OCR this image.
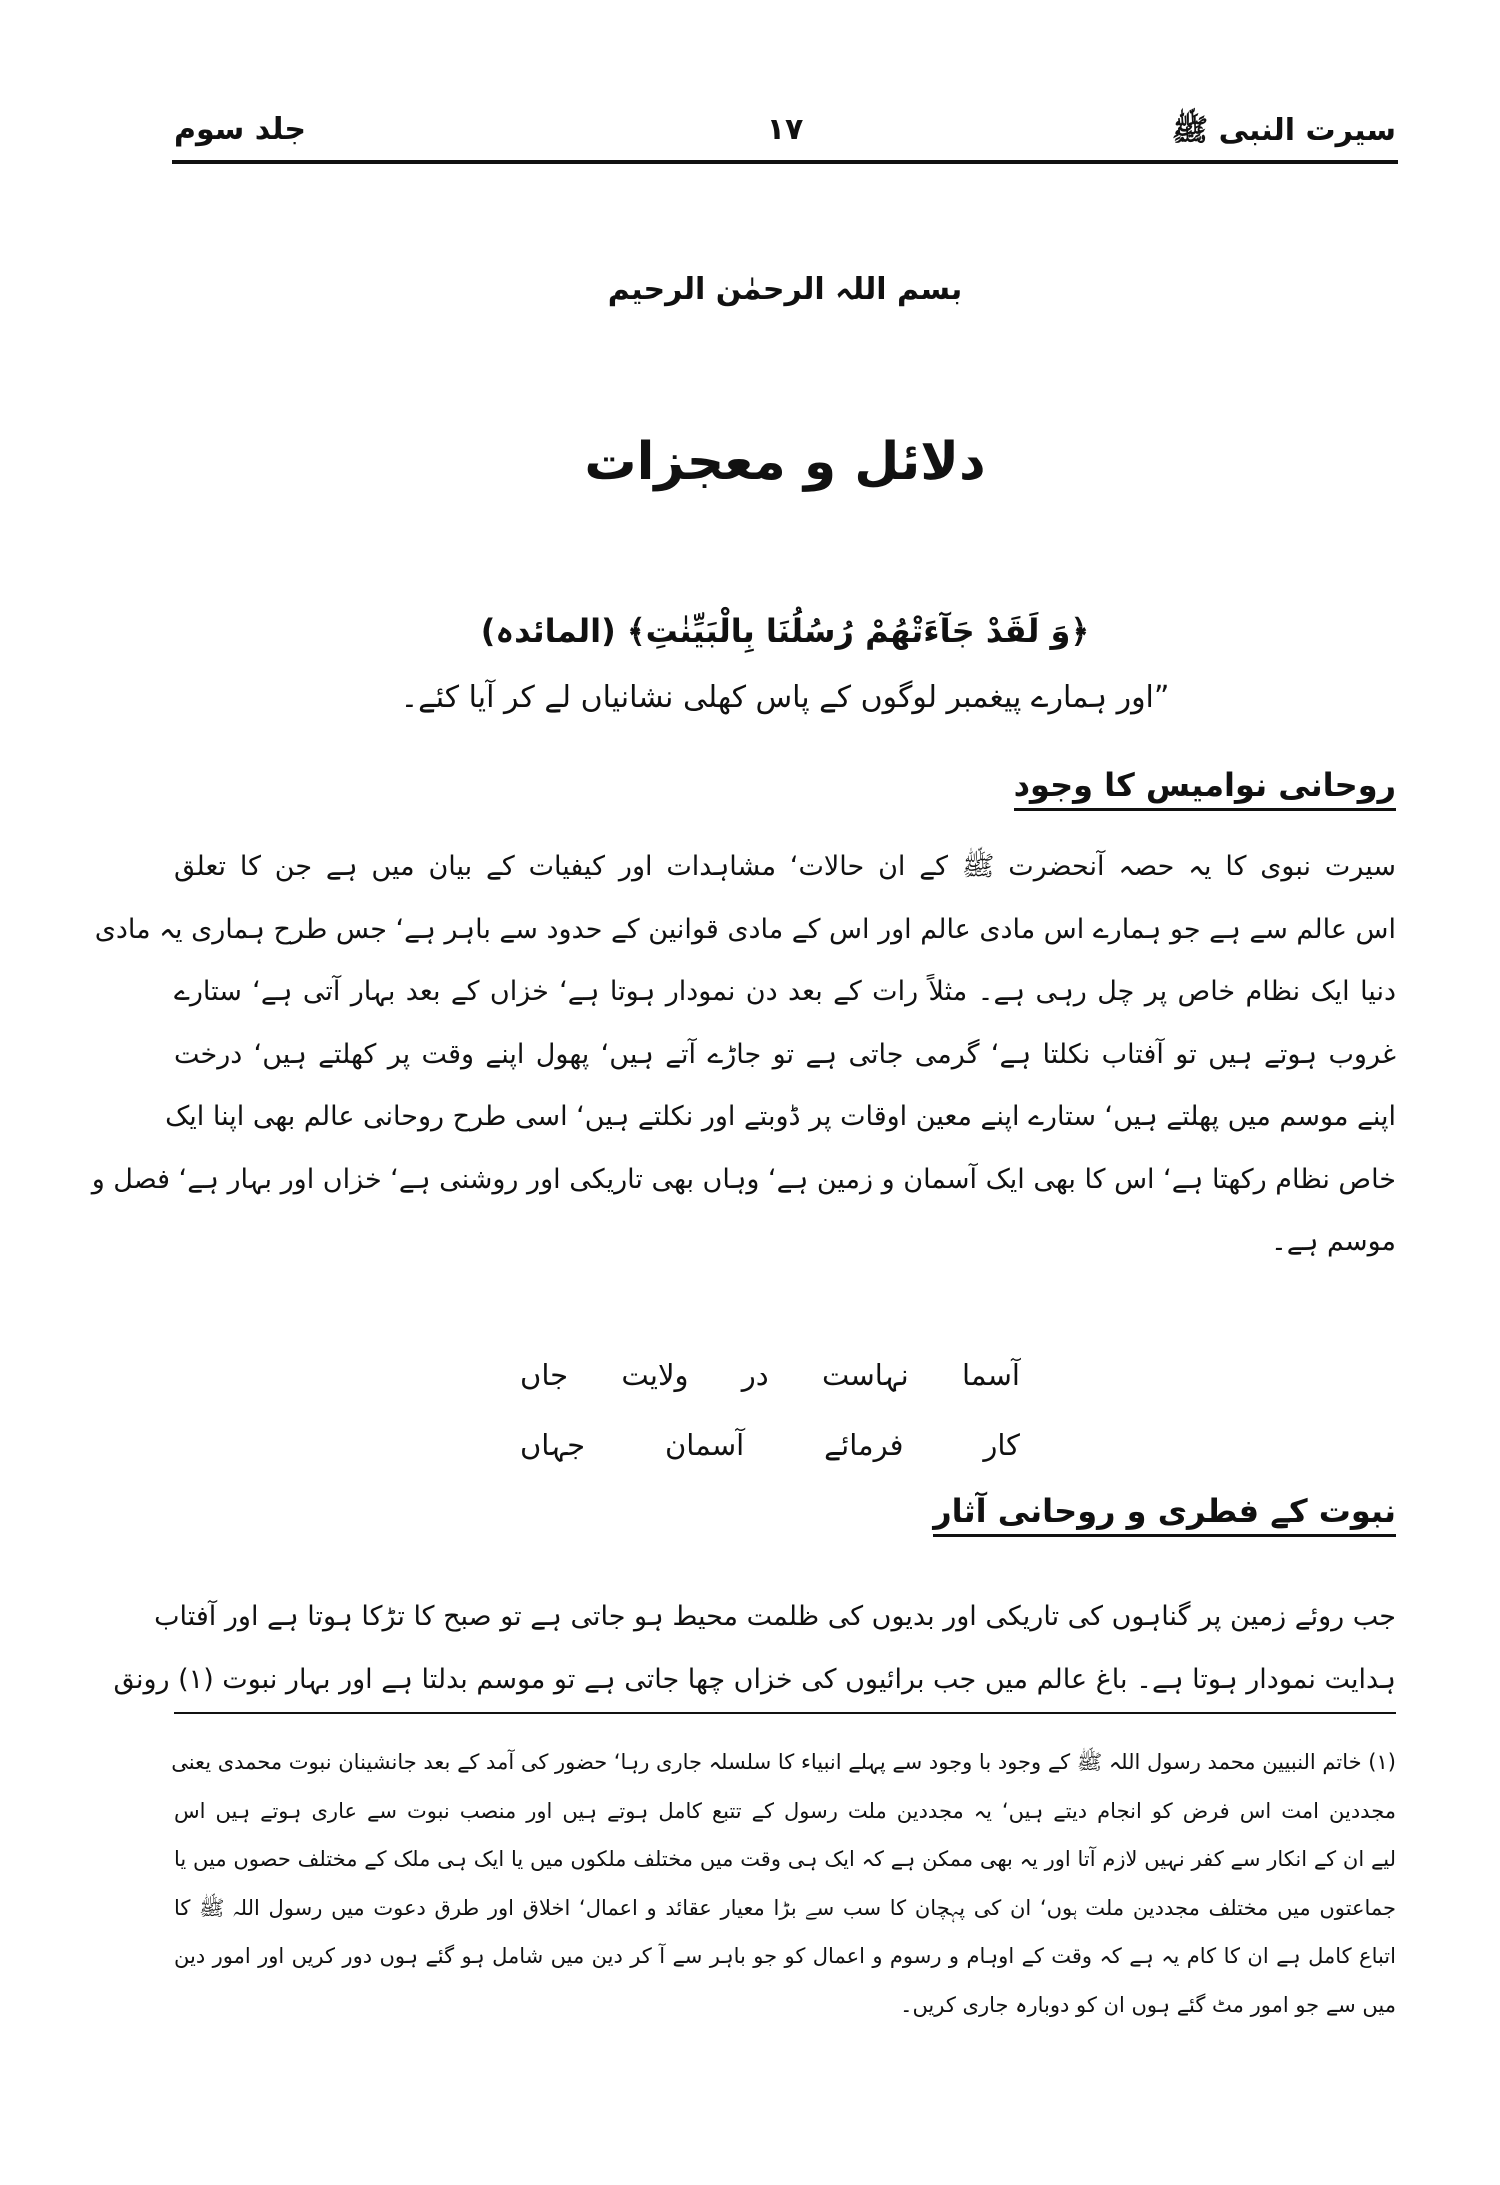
سیرت النبی ﷺ
۱۷
جلد سوم
بسم اللہ الرحمٰن الرحیم
دلائل و معجزات
﴿وَ لَقَدْ جَآءَتْهُمْ رُسُلُنَا بِالْبَیِّنٰتِ﴾ (المائدہ)
”اور ہمارے پیغمبر لوگوں کے پاس کھلی نشانیاں لے کر آیا کئے۔
روحانی نوامیس کا وجود
سیرت نبوی کا یہ حصہ آنحضرت ﷺ کے ان حالات‘ مشاہدات اور کیفیات کے بیان میں ہے جن کا تعلق
اس عالم سے ہے جو ہمارے اس مادی عالم اور اس کے مادی قوانین کے حدود سے باہر ہے‘ جس طرح ہماری یہ مادی
دنیا ایک نظام خاص پر چل رہی ہے۔ مثلاً رات کے بعد دن نمودار ہوتا ہے‘ خزاں کے بعد بہار آتی ہے‘ ستارے
غروب ہوتے ہیں تو آفتاب نکلتا ہے‘ گرمی جاتی ہے تو جاڑے آتے ہیں‘ پھول اپنے وقت پر کھلتے ہیں‘ درخت
اپنے موسم میں پھلتے ہیں‘ ستارے اپنے معین اوقات پر ڈوبتے اور نکلتے ہیں‘ اسی طرح روحانی عالم بھی اپنا ایک
خاص نظام رکھتا ہے‘ اس کا بھی ایک آسمان و زمین ہے‘ وہاں بھی تاریکی اور روشنی ہے‘ خزاں اور بہار ہے‘ فصل و
موسم ہے۔
آسما
نہاست
در
ولایت
جاں
کار
فرمائے
آسمان
جہاں
نبوت کے فطری و روحانی آثار
جب روئے زمین پر گناہوں کی تاریکی اور بدیوں کی ظلمت محیط ہو جاتی ہے تو صبح کا تڑکا ہوتا ہے اور آفتاب
ہدایت نمودار ہوتا ہے۔ باغ عالم میں جب برائیوں کی خزاں چھا جاتی ہے تو موسم بدلتا ہے اور بہار نبوت (۱) رونق
(۱) خاتم النبیین محمد رسول اللہ ﷺ کے وجود با وجود سے پہلے انبیاء کا سلسلہ جاری رہا‘ حضور کی آمد کے بعد جانشینان نبوت محمدی یعنی
مجددین امت اس فرض کو انجام دیتے ہیں‘ یہ مجددین ملت رسول کے تتبع کامل ہوتے ہیں اور منصب نبوت سے عاری ہوتے ہیں اس
لیے ان کے انکار سے کفر نہیں لازم آتا اور یہ بھی ممکن ہے کہ ایک ہی وقت میں مختلف ملکوں میں یا ایک ہی ملک کے مختلف حصوں میں یا
جماعتوں میں مختلف مجددین ملت ہوں‘ ان کی پہچان کا سب سے بڑا معیار عقائد و اعمال‘ اخلاق اور طرق دعوت میں رسول اللہ ﷺ کا
اتباع کامل ہے ان کا کام یہ ہے کہ وقت کے اوہام و رسوم و اعمال کو جو باہر سے آ کر دین میں شامل ہو گئے ہوں دور کریں اور امور دین
میں سے جو امور مٹ گئے ہوں ان کو دوبارہ جاری کریں۔
